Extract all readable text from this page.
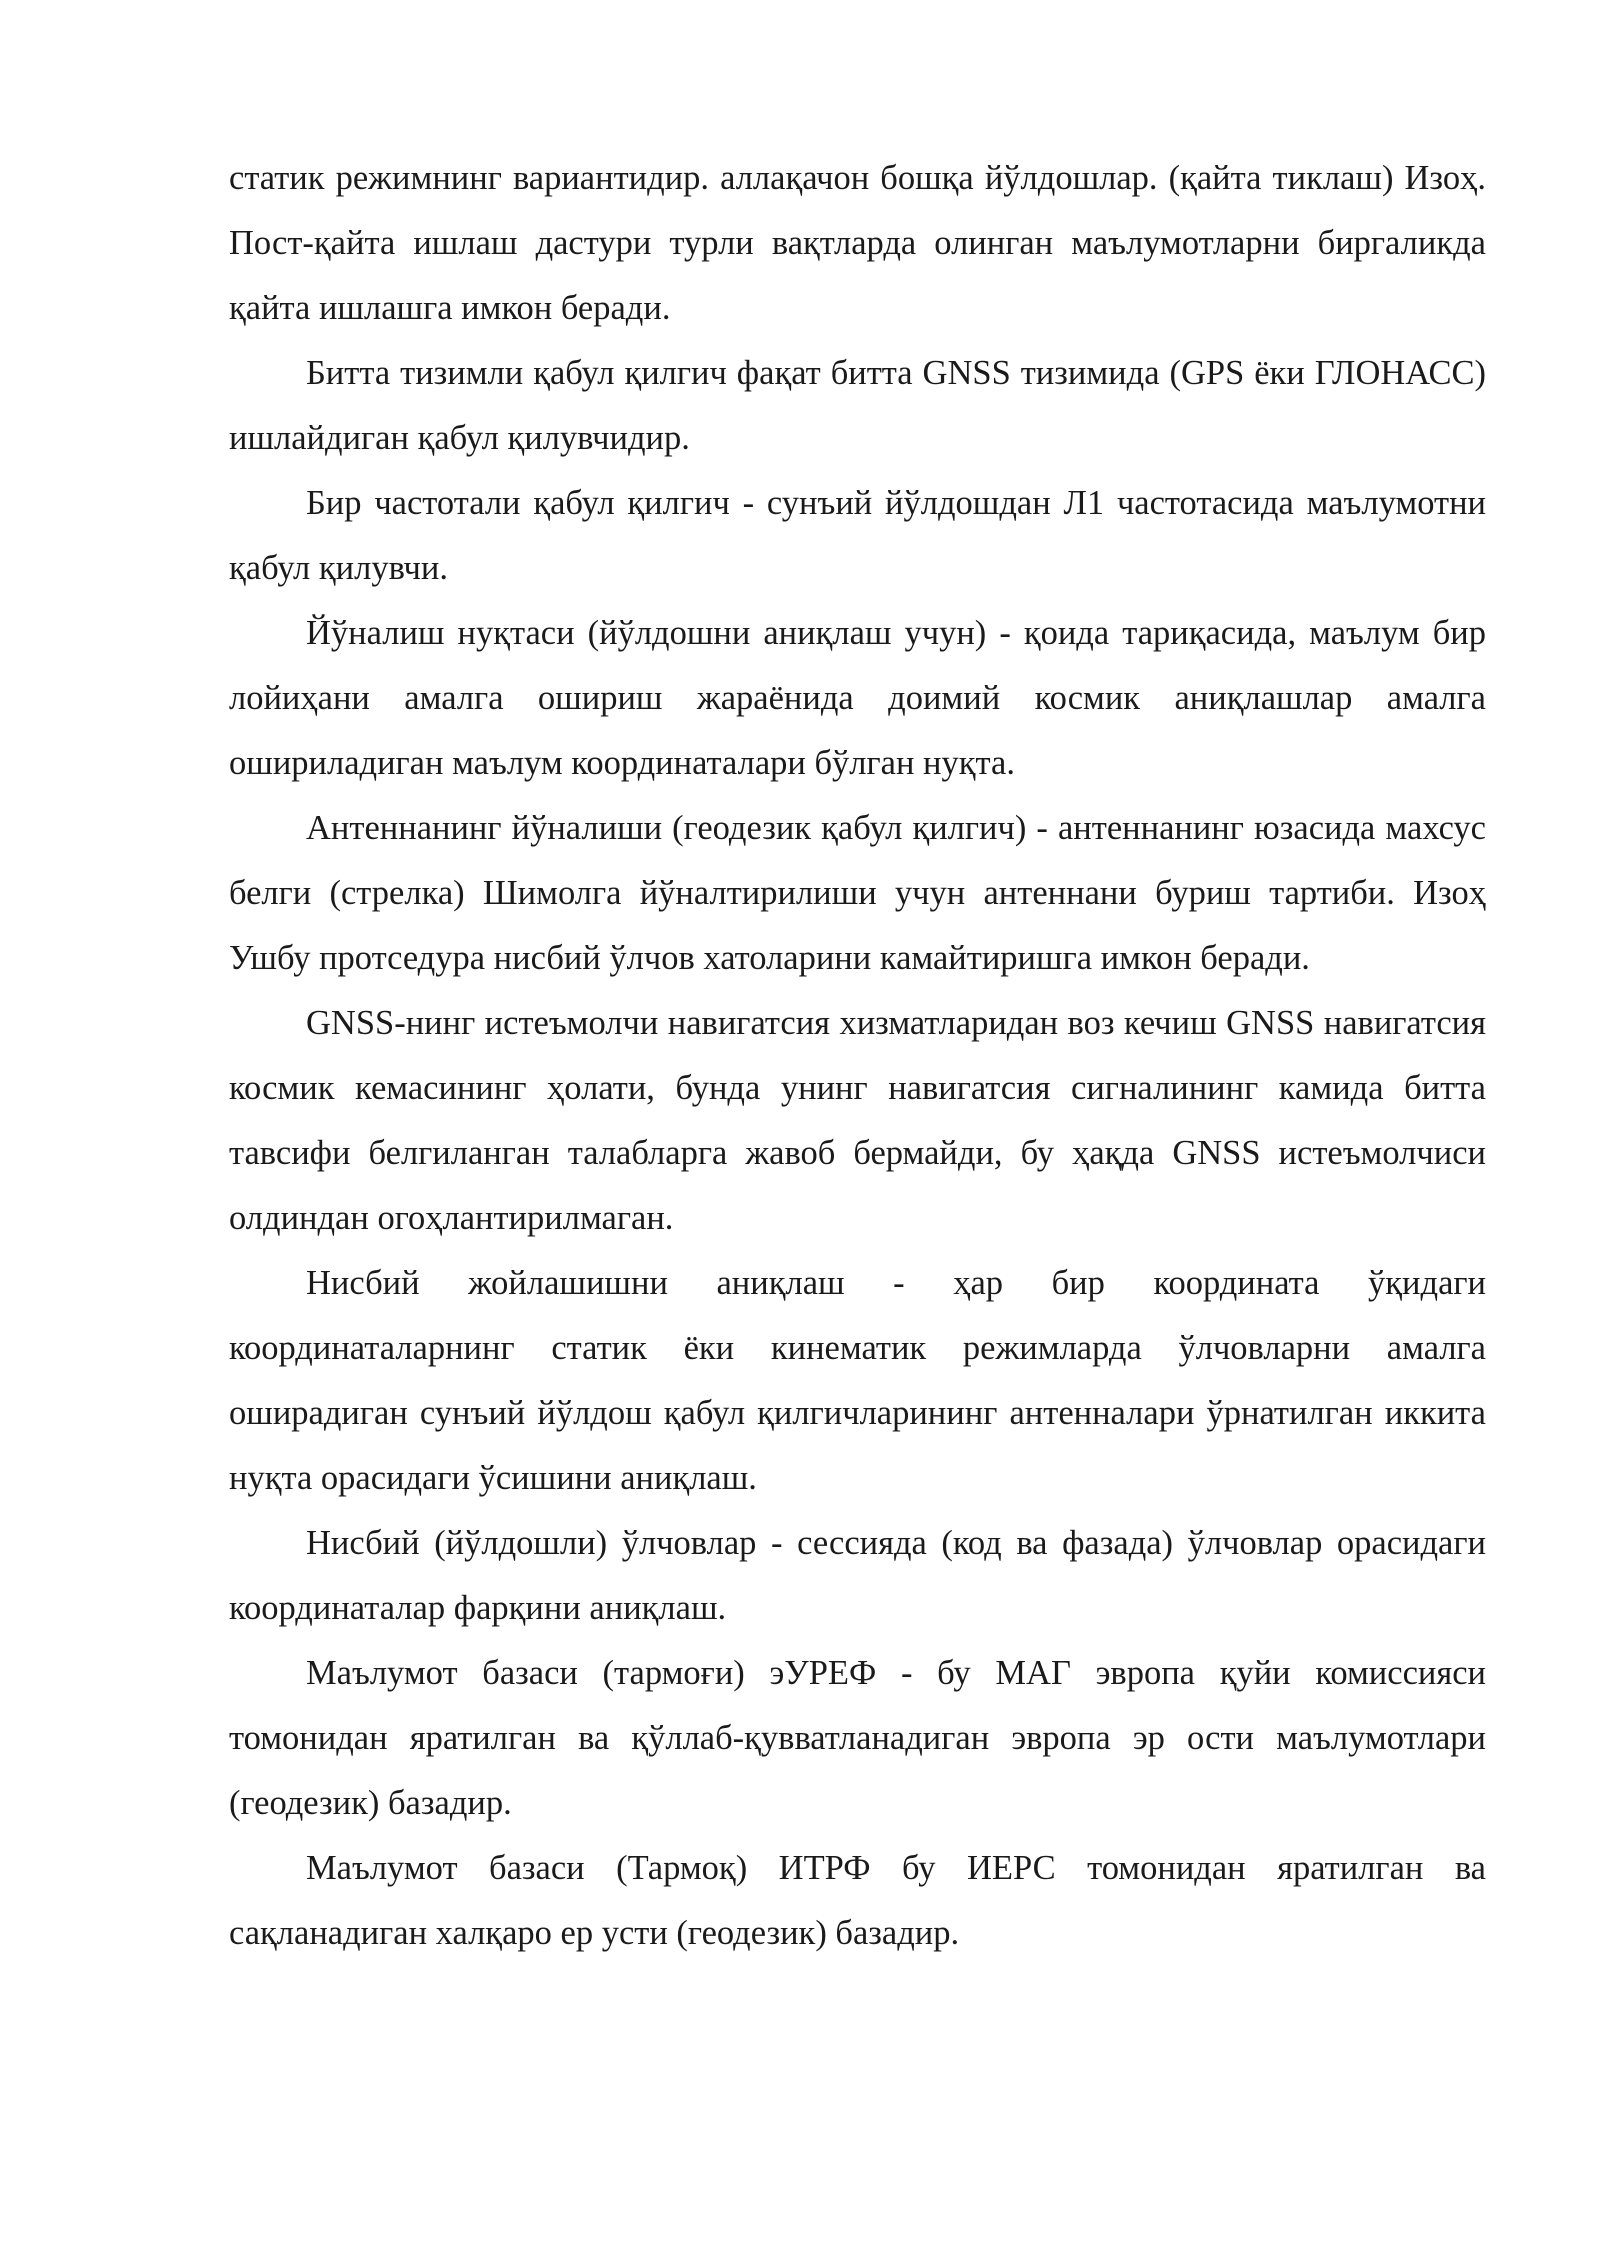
статик режимнинг вариантидир. аллақачон бошқа йўлдошлар. (қайта тиклаш) Изоҳ. Пост-қайта ишлаш дастури турли вақтларда олинган маълумотларни биргаликда қайта ишлашга имкон беради.

Битта тизимли қабул қилгич фақат битта GNSS тизимида (GPS ёки ГЛОНАСС) ишлайдиган қабул қилувчидир.

Бир частотали қабул қилгич - сунъий йўлдошдан Л1 частотасида маълумотни қабул қилувчи.

Йўналиш нуқтаси (йўлдошни аниқлаш учун) - қоида тариқасида, маълум бир лойиҳани амалга ошириш жараёнида доимий космик аниқлашлар амалга ошириладиган маълум координаталари бўлган нуқта.

Антеннанинг йўналиши (геодезик қабул қилгич) - антеннанинг юзасида махсус белги (стрелка) Шимолга йўналтирилиши учун антеннани буриш тартиби. Изоҳ Ушбу протседура нисбий ўлчов хатоларини камайтиришга имкон беради.

GNSS-нинг истеъмолчи навигатсия хизматларидан воз кечиш GNSS навигатсия космик кемасининг ҳолати, бунда унинг навигатсия сигналининг камида битта тавсифи белгиланган талабларга жавоб бермайди, бу ҳақда GNSS истеъмолчиси олдиндан огоҳлантирилмаган.

Нисбий жойлашишни аниқлаш - ҳар бир координата ўқидаги координаталарнинг статик ёки кинематик режимларда ўлчовларни амалга оширадиган сунъий йўлдош қабул қилгичларининг антенналари ўрнатилган иккита нуқта орасидаги ўсишини аниқлаш.

Нисбий (йўлдошли) ўлчовлар - сессияда (код ва фазада) ўлчовлар орасидаги координаталар фарқини аниқлаш.

Маълумот базаси (тармоғи) эУРЕФ - бу МАГ эвропа қуйи комиссияси томонидан яратилган ва қўллаб-қувватланадиган эвропа эр ости маълумотлари (геодезик) базадир.

Маълумот базаси (Тармоқ) ИТРФ бу ИЕРС томонидан яратилган ва сақланадиган халқаро ер усти (геодезик) базадир.
